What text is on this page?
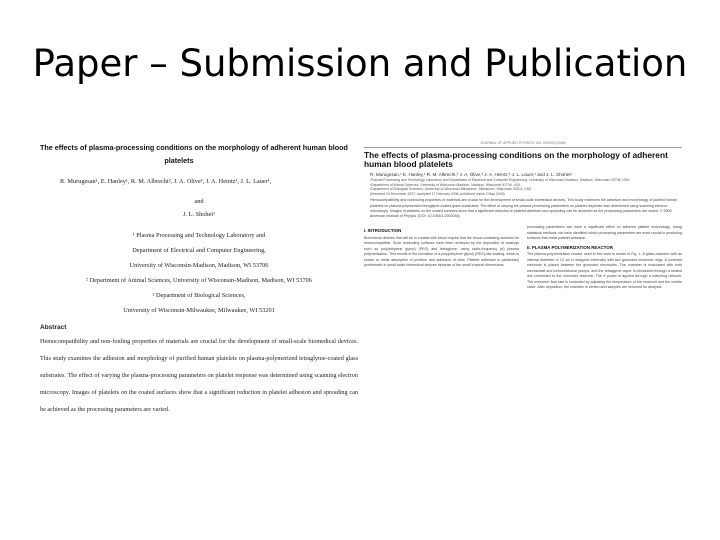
Paper – Submission and Publication
The effects of plasma-processing conditions on the morphology of adherent human blood
platelets
R. Murugesan¹, E. Hanley¹, R. M. Albrecht², J. A. Olive³, J. A. Heintz³, J. L. Lauer¹,
and
J. L. Shohet¹
¹ Plasma Processing and Technology Laboratory and
Department of Electrical and Computer Engineering,
University of Wisconsin-Madison, Madison, WI 53706
² Department of Animal Sciences, University of Wisconsin-Madison, Madison, WI 53706
³ Department of Biological Sciences,
University of Wisconsin-Milwaukee, Milwaukee, WI 53201
Abstract
Hemocompatibility and non-fouling properties of materials are crucial for the development of small-scale biomedical devices. This study examines the adhesion and morphology of purified human platelets on plasma-polymerized tetraglyme-coated glass substrates. The effect of varying the plasma-processing parameters on platelet response was determined using scanning electron microscopy. Images of platelets on the coated surfaces show that a significant reduction in platelet adhesion and spreading can be achieved as the processing parameters are varied.
JOURNAL OF APPLIED PHYSICS 103, 000000 (2008)
The effects of plasma-processing conditions on the morphology of adherent human blood platelets
R. Murugesan,¹ E. Hanley,¹ R. M. Albrecht,² J. A. Olive,³ J. A. Heintz,³ J. L. Lauer,¹ and J. L. Shohet¹
¹Plasma Processing and Technology Laboratory and Department of Electrical and Computer Engineering, University of Wisconsin-Madison, Madison, Wisconsin 53706, USA
²Department of Animal Sciences, University of Wisconsin-Madison, Madison, Wisconsin 53706, USA
³Department of Biological Sciences, University of Wisconsin-Milwaukee, Milwaukee, Wisconsin 53201, USA
(Received 24 December 2007; accepted 17 February 2008; published online 2 May 2008)
Hemocompatibility and nonfouling properties of materials are crucial for the development of small-scale biomedical devices. This study examines the adhesion and morphology of purified human platelets on plasma-polymerized tetraglyme-coated glass substrates. The effect of varying the plasma-processing parameters on platelet response was determined using scanning electron microscopy. Images of platelets on the coated surfaces show that a significant reduction in platelet adhesion and spreading can be achieved as the processing parameters are varied. © 2008 American Institute of Physics. [DOI: 10.1063/1.2903056]
I. INTRODUCTION
Biomedical devices that will be in contact with blood require that the blood-contacting surfaces be hemocompatible. Such nonfouling surfaces have been achieved by the deposition of coatings such as poly(ethylene glycol) (PEG) and tetraglyme, using radio-frequency (rf) plasma polymerization. This results in the formation of a poly(ethylene glycol) (PEG)-like coating, which is known to resist adsorption of proteins and adhesion of cells. Platelet adhesion is particularly problematic in small-scale biomedical devices because of the small channel dimensions.
processing parameters can have a significant effect on adhered platelet morphology. Using statistical methods, we have identified which processing parameters are most crucial in producing surfaces that resist platelet adhesion.
II. PLASMA POLYMERIZATION REACTOR
The plasma-polymerization reactor used in this work is shown in Fig. 1. A glass chamber with an internal diameter of 12 cm is wrapped externally with two grounded electrode rings. A powered electrode is placed between the grounded electrodes. The chamber is evacuated with both mechanical and turbomolecular pumps, and the tetraglyme vapor is introduced through a heated line connected to the monomer reservoir. The rf power is applied through a matching network. The monomer flow rate is controlled by adjusting the temperature of the reservoir and the needle valve. After deposition, the chamber is vented and samples are removed for analysis.
